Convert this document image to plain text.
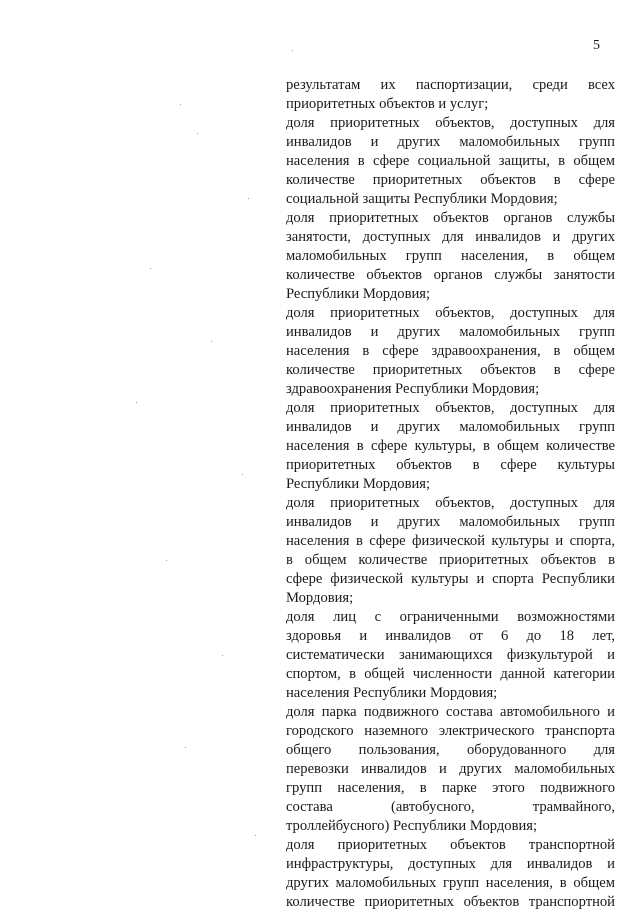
5
результатам их паспортизации, среди всех
приоритетных объектов и услуг;
доля приоритетных объектов, доступных для
инвалидов и других маломобильных групп
населения в сфере социальной защиты, в общем
количестве приоритетных объектов в сфере
социальной защиты Республики Мордовия;
доля приоритетных объектов органов службы
занятости, доступных для инвалидов и других
маломобильных групп населения, в общем
количестве объектов органов службы занятости
Республики Мордовия;
доля приоритетных объектов, доступных для
инвалидов и других маломобильных групп
населения в сфере здравоохранения, в общем
количестве приоритетных объектов в сфере
здравоохранения Республики Мордовия;
доля приоритетных объектов, доступных для
инвалидов и других маломобильных групп
населения в сфере культуры, в общем количестве
приоритетных объектов в сфере культуры
Республики Мордовия;
доля приоритетных объектов, доступных для
инвалидов и других маломобильных групп
населения в сфере физической культуры и спорта,
в общем количестве приоритетных объектов в
сфере физической культуры и спорта Республики
Мордовия;
доля лиц с ограниченными возможностями
здоровья и инвалидов от 6 до 18 лет,
систематически занимающихся физкультурой и
спортом, в общей численности данной категории
населения Республики Мордовия;
доля парка подвижного состава автомобильного и
городского наземного электрического транспорта
общего пользования, оборудованного для
перевозки инвалидов и других маломобильных
групп населения, в парке этого подвижного
состава (автобусного, трамвайного,
троллейбусного) Республики Мордовия;
доля приоритетных объектов транспортной
инфраструктуры, доступных для инвалидов и
других маломобильных групп населения, в общем
количестве приоритетных объектов транспортной
